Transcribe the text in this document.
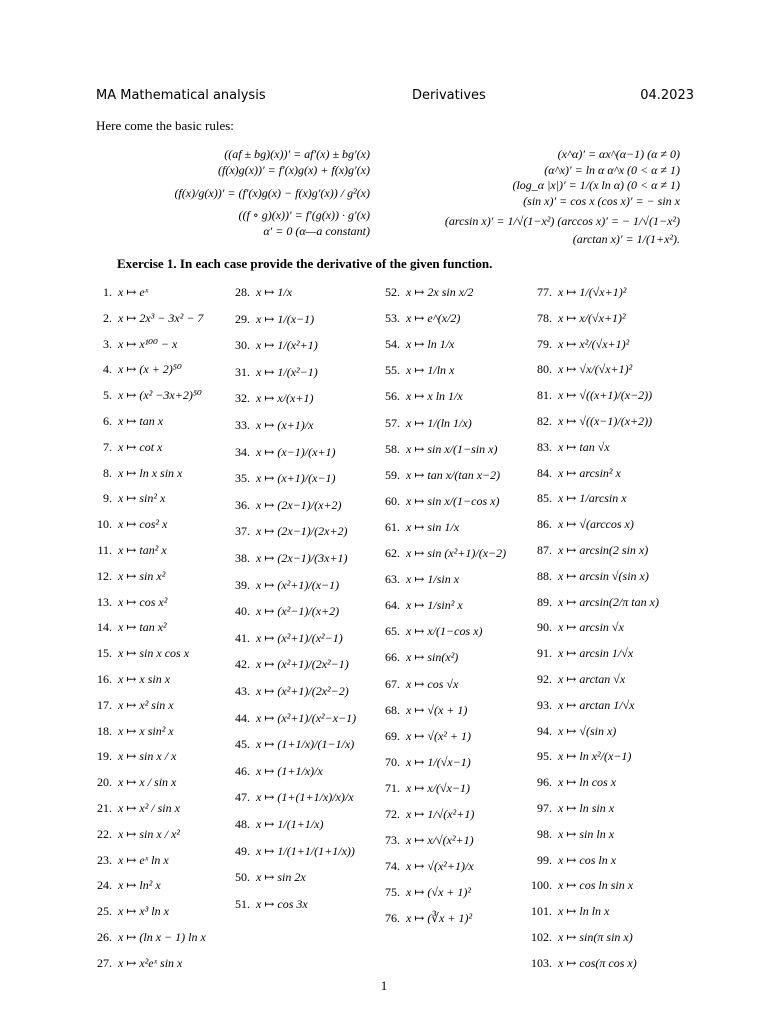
MA Mathematical analysis	Derivatives	04.2023
Here come the basic rules:
((af ± bg)(x))′ = af′(x) ± bg′(x)
(f(x)g(x))′ = f′(x)g(x) + f(x)g′(x)
(f(x)/g(x))′ = (f′(x)g(x) − f(x)g′(x)) / g²(x)
((f ∘ g)(x))′ = f′(g(x)) · g′(x)
α′ = 0 (α—a constant)
(x^α)′ = αx^(α−1) (α ≠ 0)
(α^x)′ = ln α α^x (0 < α ≠ 1)
(log_α |x|)′ = 1/(x ln α) (0 < α ≠ 1)
(sin x)′ = cos x (cos x)′ = − sin x
(arcsin x)′ = 1/√(1−x²) (arccos x)′ = − 1/√(1−x²)
(arctan x)′ = 1/(1+x²).
Exercise 1. In each case provide the derivative of the given function.
1. x ↦ eˣ
2. x ↦ 2x³ − 3x² − 7
3. x ↦ x¹⁰⁰ − x
4. x ↦ (x + 2)⁵⁰
5. x ↦ (x² −3x+2)⁵⁰
6. x ↦ tan x
7. x ↦ cot x
8. x ↦ ln x sin x
9. x ↦ sin² x
10. x ↦ cos² x
11. x ↦ tan² x
12. x ↦ sin x²
13. x ↦ cos x²
14. x ↦ tan x²
15. x ↦ sin x cos x
16. x ↦ x sin x
17. x ↦ x² sin x
18. x ↦ x sin² x
19. x ↦ sin x / x
20. x ↦ x / sin x
21. x ↦ x² / sin x
22. x ↦ sin x / x²
23. x ↦ eˣ ln x
24. x ↦ ln² x
25. x ↦ x³ ln x
26. x ↦ (ln x − 1) ln x
27. x ↦ x²eˣ sin x
28. x ↦ 1/x
29. x ↦ 1/(x−1)
30. x ↦ 1/(x²+1)
31. x ↦ 1/(x²−1)
32. x ↦ x/(x+1)
33. x ↦ (x+1)/x
34. x ↦ (x−1)/(x+1)
35. x ↦ (x+1)/(x−1)
36. x ↦ (2x−1)/(x+2)
37. x ↦ (2x−1)/(2x+2)
38. x ↦ (2x−1)/(3x+1)
39. x ↦ (x²+1)/(x−1)
40. x ↦ (x²−1)/(x+2)
41. x ↦ (x²+1)/(x²−1)
42. x ↦ (x²+1)/(2x²−1)
43. x ↦ (x²+1)/(2x²−2)
44. x ↦ (x²+1)/(x²−x−1)
45. x ↦ (1+1/x)/(1−1/x)
46. x ↦ (1+1/x)/x
47. x ↦ (1+(1+1/x)/x)/x
48. x ↦ 1/(1+1/x)
49. x ↦ 1/(1+1/(1+1/x))
50. x ↦ sin 2x
51. x ↦ cos 3x
52. x ↦ 2x sin x/2
53. x ↦ e^(x/2)
54. x ↦ ln 1/x
55. x ↦ 1/ln x
56. x ↦ x ln 1/x
57. x ↦ 1/(ln 1/x)
58. x ↦ sin x/(1−sin x)
59. x ↦ tan x/(tan x−2)
60. x ↦ sin x/(1−cos x)
61. x ↦ sin 1/x
62. x ↦ sin (x²+1)/(x−2)
63. x ↦ 1/sin x
64. x ↦ 1/sin² x
65. x ↦ x/(1−cos x)
66. x ↦ sin(x²)
67. x ↦ cos √x
68. x ↦ √(x + 1)
69. x ↦ √(x² + 1)
70. x ↦ 1/(√x−1)
71. x ↦ x/(√x−1)
72. x ↦ 1/√(x²+1)
73. x ↦ x/√(x²+1)
74. x ↦ √(x²+1)/x
75. x ↦ (√x + 1)²
76. x ↦ (∛x + 1)²
77. x ↦ 1/(√x+1)²
78. x ↦ x/(√x+1)²
79. x ↦ x²/(√x+1)²
80. x ↦ √x/(√x+1)²
81. x ↦ √((x+1)/(x−2))
82. x ↦ √((x−1)/(x+2))
83. x ↦ tan √x
84. x ↦ arcsin² x
85. x ↦ 1/arcsin x
86. x ↦ √(arccos x)
87. x ↦ arcsin(2 sin x)
88. x ↦ arcsin √(sin x)
89. x ↦ arcsin(2/π tan x)
90. x ↦ arcsin √x
91. x ↦ arcsin 1/√x
92. x ↦ arctan √x
93. x ↦ arctan 1/√x
94. x ↦ √(sin x)
95. x ↦ ln x²/(x−1)
96. x ↦ ln cos x
97. x ↦ ln sin x
98. x ↦ sin ln x
99. x ↦ cos ln x
100. x ↦ cos ln sin x
101. x ↦ ln ln x
102. x ↦ sin(π sin x)
103. x ↦ cos(π cos x)
1
